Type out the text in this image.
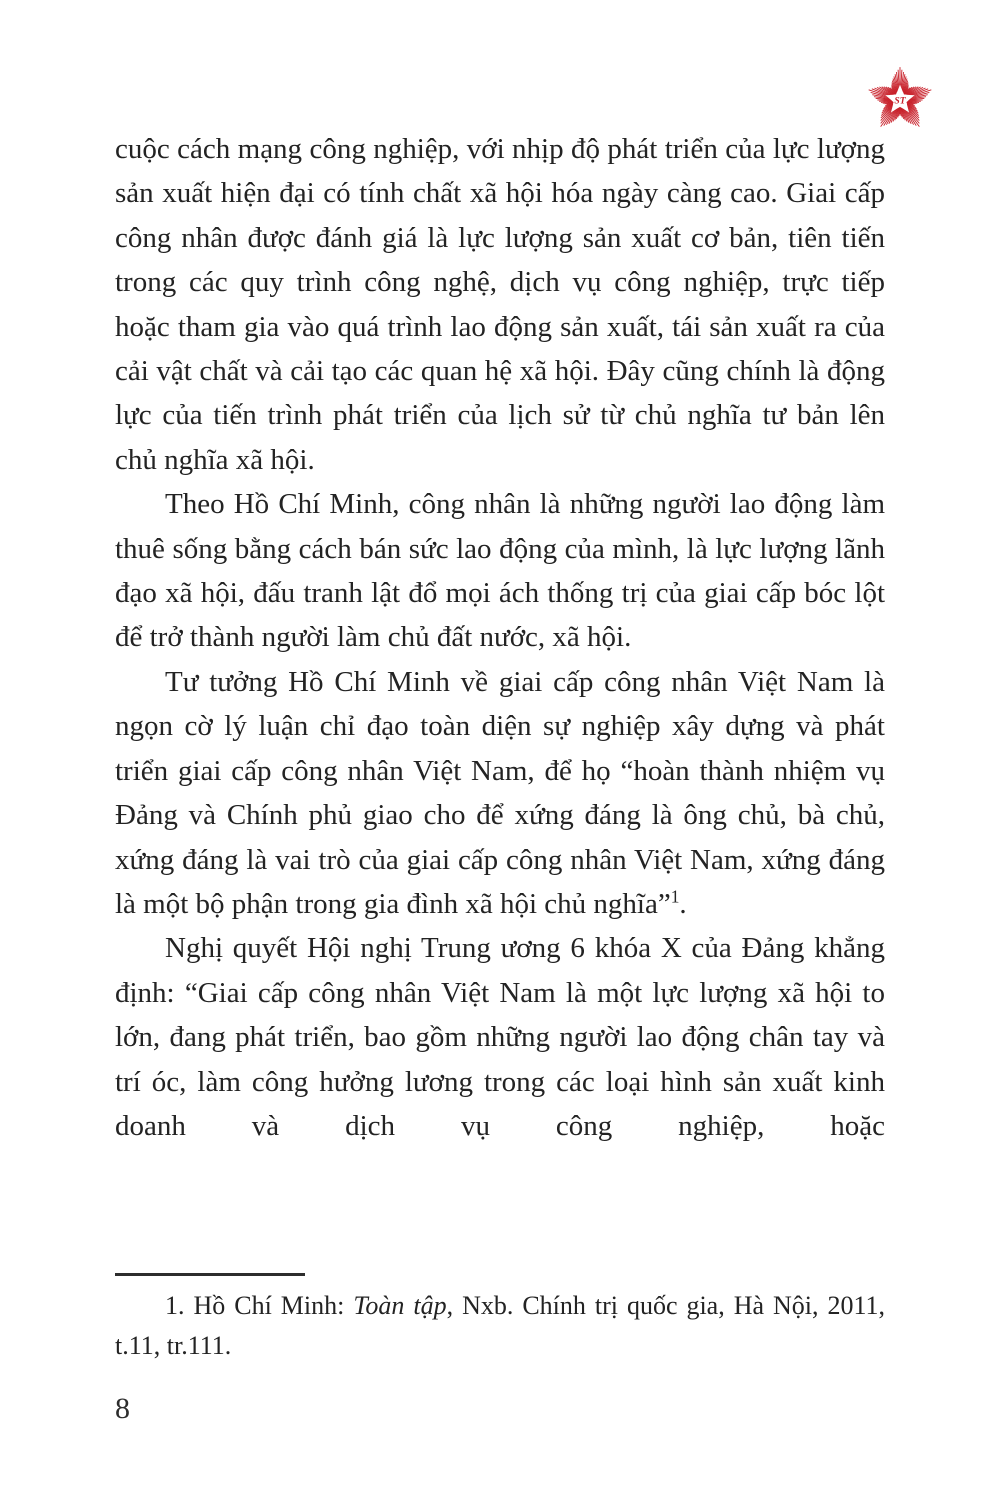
ST

cuộc cách mạng công nghiệp, với nhịp độ phát triển của lực lượng sản xuất hiện đại có tính chất xã hội hóa ngày càng cao. Giai cấp công nhân được đánh giá là lực lượng sản xuất cơ bản, tiên tiến trong các quy trình công nghệ, dịch vụ công nghiệp, trực tiếp hoặc tham gia vào quá trình lao động sản xuất, tái sản xuất ra của cải vật chất và cải tạo các quan hệ xã hội. Đây cũng chính là động lực của tiến trình phát triển của lịch sử từ chủ nghĩa tư bản lên chủ nghĩa xã hội.

Theo Hồ Chí Minh, công nhân là những người lao động làm thuê sống bằng cách bán sức lao động của mình, là lực lượng lãnh đạo xã hội, đấu tranh lật đổ mọi ách thống trị của giai cấp bóc lột để trở thành người làm chủ đất nước, xã hội.

Tư tưởng Hồ Chí Minh về giai cấp công nhân Việt Nam là ngọn cờ lý luận chỉ đạo toàn diện sự nghiệp xây dựng và phát triển giai cấp công nhân Việt Nam, để họ “hoàn thành nhiệm vụ Đảng và Chính phủ giao cho để xứng đáng là ông chủ, bà chủ, xứng đáng là vai trò của giai cấp công nhân Việt Nam, xứng đáng là một bộ phận trong gia đình xã hội chủ nghĩa”$^1$.

Nghị quyết Hội nghị Trung ương 6 khóa X của Đảng khẳng định: “Giai cấp công nhân Việt Nam là một lực lượng xã hội to lớn, đang phát triển, bao gồm những người lao động chân tay và trí óc, làm công hưởng lương trong các loại hình sản xuất kinh doanh và dịch vụ công nghiệp, hoặc

1. Hồ Chí Minh: Toàn tập, Nxb. Chính trị quốc gia, Hà Nội, 2011, t.11, tr.111.

8
